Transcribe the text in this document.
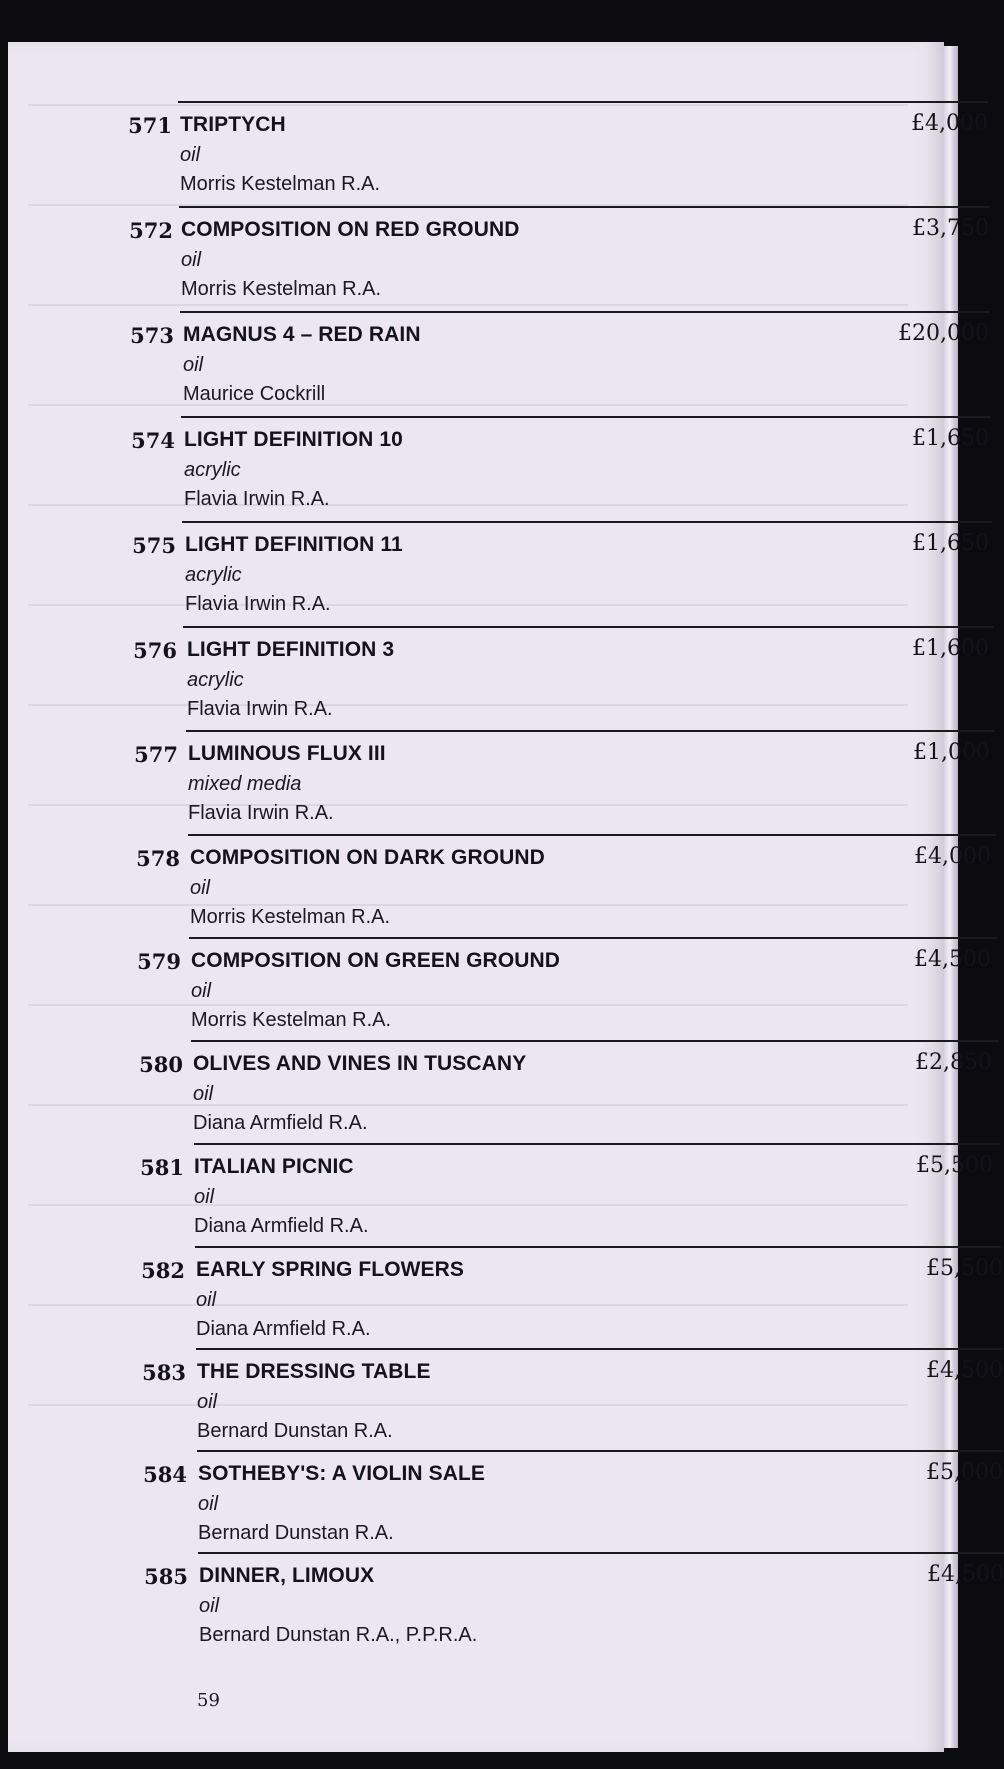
571 TRIPTYCH
oil
Morris Kestelman R.A.
£4,000
572 COMPOSITION ON RED GROUND
oil
Morris Kestelman R.A.
£3,750
573 MAGNUS 4 – RED RAIN
oil
Maurice Cockrill
£20,000
574 LIGHT DEFINITION 10
acrylic
Flavia Irwin R.A.
£1,650
575 LIGHT DEFINITION 11
acrylic
Flavia Irwin R.A.
£1,650
576 LIGHT DEFINITION 3
acrylic
Flavia Irwin R.A.
£1,600
577 LUMINOUS FLUX III
mixed media
Flavia Irwin R.A.
£1,000
578 COMPOSITION ON DARK GROUND
oil
Morris Kestelman R.A.
£4,000
579 COMPOSITION ON GREEN GROUND
oil
Morris Kestelman R.A.
£4,500
580 OLIVES AND VINES IN TUSCANY
oil
Diana Armfield R.A.
£2,850
581 ITALIAN PICNIC
oil
Diana Armfield R.A.
£5,500
582 EARLY SPRING FLOWERS
oil
Diana Armfield R.A.
£5,500
583 THE DRESSING TABLE
oil
Bernard Dunstan R.A.
£4,500
584 SOTHEBY'S: A VIOLIN SALE
oil
Bernard Dunstan R.A.
£5,000
585 DINNER, LIMOUX
oil
Bernard Dunstan R.A., P.P.R.A.
£4,500
59
